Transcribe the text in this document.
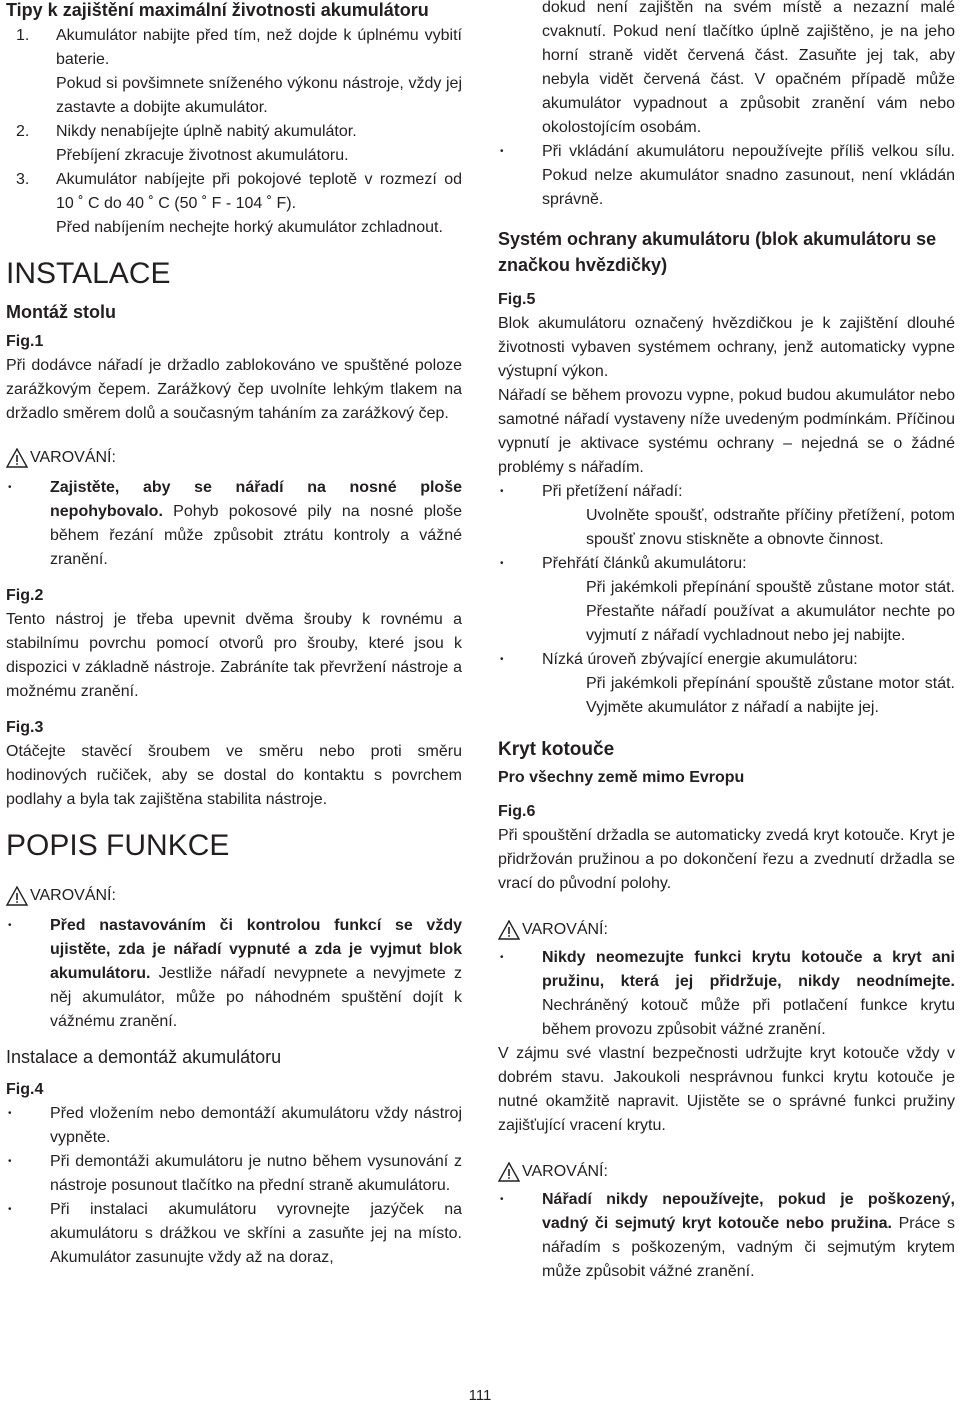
Tipy k zajištění maximální životnosti akumulátoru
1. Akumulátor nabijte před tím, než dojde k úplnému vybití baterie.
Pokud si povšimnete sníženého výkonu nástroje, vždy jej zastavte a dobijte akumulátor.
2. Nikdy nenabíjejte úplně nabitý akumulátor.
Přebíjení zkracuje životnost akumulátoru.
3. Akumulátor nabíjejte při pokojové teplotě v rozmezí od 10 ˚ C do 40 ˚ C (50 ˚ F - 104 ˚ F).
Před nabíjením nechejte horký akumulátor zchladnout.
INSTALACE
Montáž stolu
Fig.1

Při dodávce nářadí je držadlo zablokováno ve spuštěné poloze zarážkovým čepem. Zarážkový čep uvolníte lehkým tlakem na držadlo směrem dolů a současným taháním za zarážkový čep.

VAROVÁNÍ:
• Zajistěte, aby se nářadí na nosné ploše nepohybovalo. Pohyb pokosové pily na nosné ploše během řezání může způsobit ztrátu kontroly a vážné zranění.
Fig.2

Tento nástroj je třeba upevnit dvěma šrouby k rovnému a stabilnímu povrchu pomocí otvorů pro šrouby, které jsou k dispozici v základně nástroje. Zabráníte tak převržení nástroje a možnému zranění.

Fig.3

Otáčejte stavěcí šroubem ve směru nebo proti směru hodinových ručiček, aby se dostal do kontaktu s povrchem podlahy a byla tak zajištěna stabilita nástroje.

POPIS FUNKCE
VAROVÁNÍ:
• Před nastavováním či kontrolou funkcí se vždy ujistěte, zda je nářadí vypnuté a zda je vyjmut blok akumulátoru. Jestliže nářadí nevypnete a nevyjmete z něj akumulátor, může po náhodném spuštění dojít k vážnému zranění.
Instalace a demontáž akumulátoru
Fig.4
• Před vložením nebo demontáží akumulátoru vždy nástroj vypněte.
• Při demontáži akumulátoru je nutno během vysunování z nástroje posunout tlačítko na přední straně akumulátoru.
• Při instalaci akumulátoru vyrovnejte jazýček na akumulátoru s drážkou ve skříni a zasuňte jej na místo. Akumulátor zasunujte vždy až na doraz,

dokud není zajištěn na svém místě a nezazní malé cvaknutí. Pokud není tlačítko úplně zajištěno, je na jeho horní straně vidět červená část. Zasuňte jej tak, aby nebyla vidět červená část. V opačném případě může akumulátor vypadnout a způsobit zranění vám nebo okolostojícím osobám.

• Při vkládání akumulátoru nepoužívejte příliš velkou sílu. Pokud nelze akumulátor snadno zasunout, není vkládán správně.
Systém ochrany akumulátoru (blok akumulátoru se značkou hvězdičky)
Fig.5

Blok akumulátoru označený hvězdičkou je k zajištění dlouhé životnosti vybaven systémem ochrany, jenž automaticky vypne výstupní výkon.

Nářadí se během provozu vypne, pokud budou akumulátor nebo samotné nářadí vystaveny níže uvedeným podmínkám. Příčinou vypnutí je aktivace systému ochrany – nejedná se o žádné problémy s nářadím.

• Při přetížení nářadí:
Uvolněte spoušť, odstraňte příčiny přetížení, potom spoušť znovu stiskněte a obnovte činnost.
• Přehřátí článků akumulátoru:
Při jakémkoli přepínání spouště zůstane motor stát. Přestaňte nářadí používat a akumulátor nechte po vyjmutí z nářadí vychladnout nebo jej nabijte.
• Nízká úroveň zbývající energie akumulátoru:
Při jakémkoli přepínání spouště zůstane motor stát. Vyjměte akumulátor z nářadí a nabijte jej.
Kryt kotouče
Pro všechny země mimo Evropu
Fig.6

Při spouštění držadla se automaticky zvedá kryt kotouče. Kryt je přidržován pružinou a po dokončení řezu a zvednutí držadla se vrací do původní polohy.

VAROVÁNÍ:
• Nikdy neomezujte funkci krytu kotouče a kryt ani pružinu, která jej přidržuje, nikdy neodnímejte. Nechráněný kotouč může při potlačení funkce krytu během provozu způsobit vážné zranění.

V zájmu své vlastní bezpečnosti udržujte kryt kotouče vždy v dobrém stavu. Jakoukoli nesprávnou funkci krytu kotouče je nutné okamžitě napravit. Ujistěte se o správné funkci pružiny zajišťující vracení krytu.

VAROVÁNÍ:
• Nářadí nikdy nepoužívejte, pokud je poškozený, vadný či sejmutý kryt kotouče nebo pružina. Práce s nářadím s poškozeným, vadným či sejmutým krytem může způsobit vážné zranění.
111
